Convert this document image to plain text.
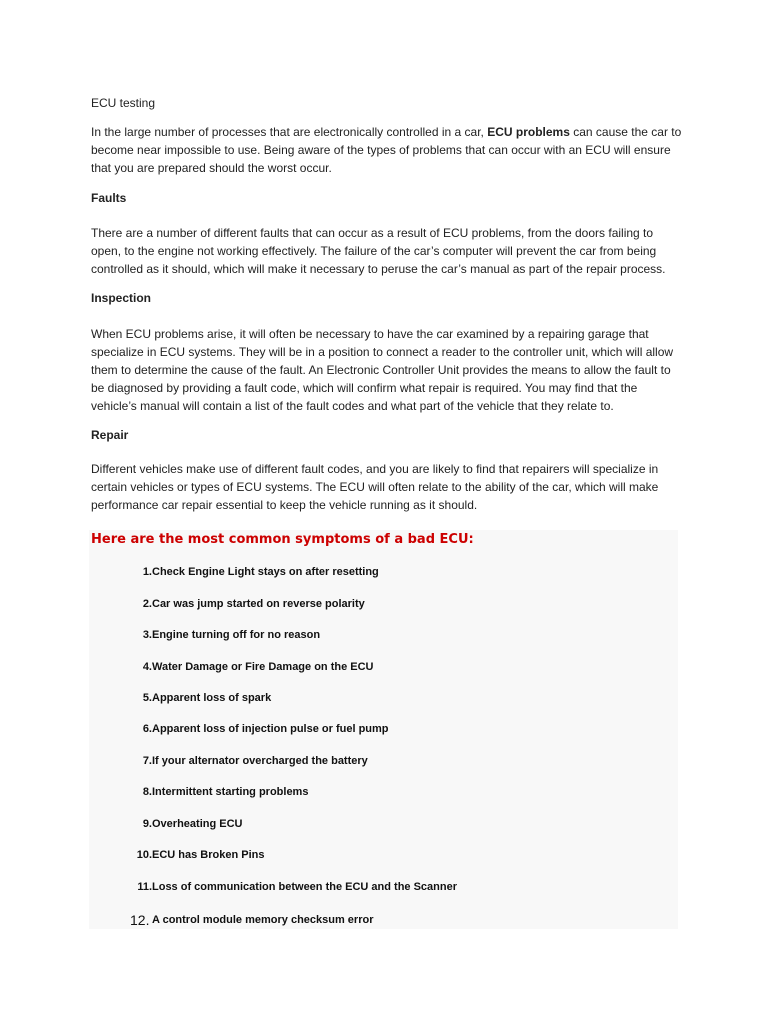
ECU testing

In the large number of processes that are electronically controlled in a car, ECU problems can cause the car to
become near impossible to use. Being aware of the types of problems that can occur with an ECU will ensure
that you are prepared should the worst occur.

Faults

There are a number of different faults that can occur as a result of ECU problems, from the doors failing to
open, to the engine not working effectively. The failure of the car’s computer will prevent the car from being
controlled as it should, which will make it necessary to peruse the car’s manual as part of the repair process.

Inspection

When ECU problems arise, it will often be necessary to have the car examined by a repairing garage that
specialize in ECU systems. They will be in a position to connect a reader to the controller unit, which will allow
them to determine the cause of the fault. An Electronic Controller Unit provides the means to allow the fault to
be diagnosed by providing a fault code, which will confirm what repair is required. You may find that the
vehicle’s manual will contain a list of the fault codes and what part of the vehicle that they relate to.

Repair

Different vehicles make use of different fault codes, and you are likely to find that repairers will specialize in
certain vehicles or types of ECU systems. The ECU will often relate to the ability of the car, which will make
performance car repair essential to keep the vehicle running as it should.

Here are the most common symptoms of a bad ECU:
1. Check Engine Light stays on after resetting
2. Car was jump started on reverse polarity
3. Engine turning off for no reason
4. Water Damage or Fire Damage on the ECU
5. Apparent loss of spark
6. Apparent loss of injection pulse or fuel pump
7. If your alternator overcharged the battery
8. Intermittent starting problems
9. Overheating ECU
10. ECU has Broken Pins
11. Loss of communication between the ECU and the Scanner
12. A control module memory checksum error
